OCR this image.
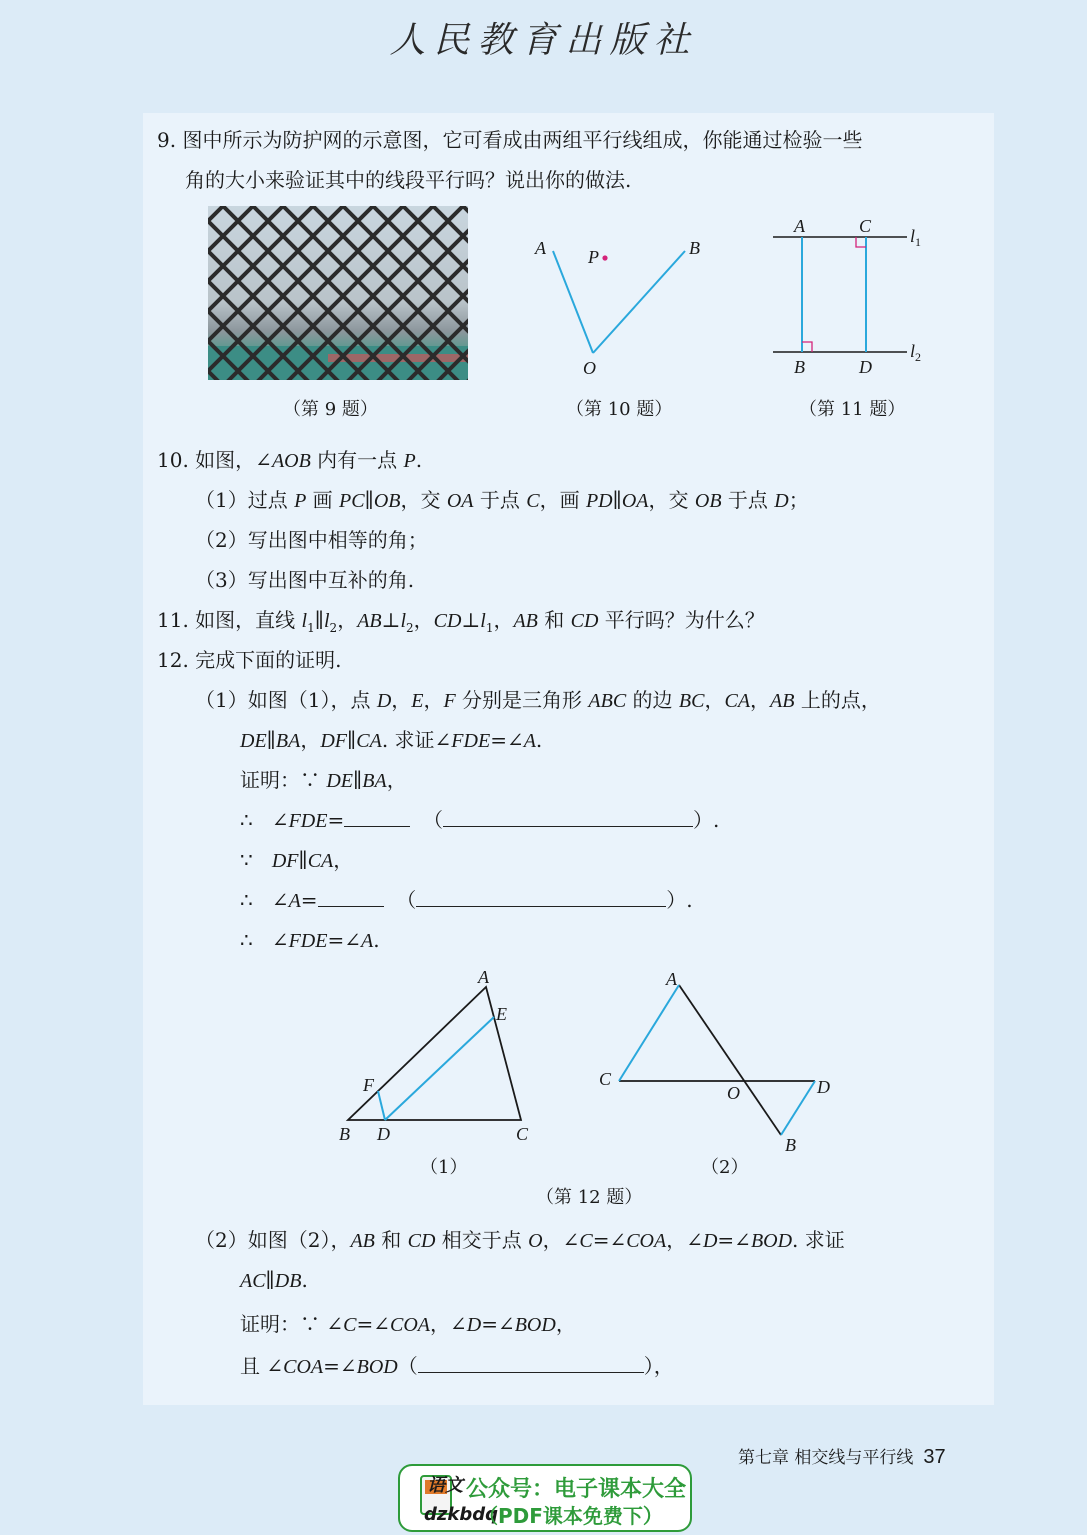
人民教育出版社
9. 图中所示为防护网的示意图，它可看成由两组平行线组成，你能通过检验一些
角的大小来验证其中的线段平行吗？说出你的做法.
（第 9 题）
A P	B
O
（第 10 题）
A	C
B	D
$l_1$
$l_2$
（第 11 题）
10. 如图，∠AOB 内有一点 P.
（1）过点 P 画 PC∥OB，交 OA 于点 C，画 PD∥OA，交 OB 于点 D；
（2）写出图中相等的角；
（3）写出图中互补的角.
11. 如图，直线 $l_1\parallel l_2$，$AB\perp l_2$，$CD\perp l_1$，AB 和 CD 平行吗？为什么？
12. 完成下面的证明.
（1）如图（1），点 D，E，F 分别是三角形 ABC 的边 BC，CA，AB 上的点，
DE∥BA，DF∥CA. 求证∠FDE=∠A.
证明：∵ DE∥BA，
∴ ∠FDE=	（	）.
∵ DF∥CA，
∴ ∠A=	（	）.
∴ ∠FDE=∠A.
A
E
F
B D	C
（1）
A
C
O	D
B
（2）
（第 12 题）
（2）如图（2），AB 和 CD 相交于点 O，∠C=∠COA，∠D=∠BOD. 求证
AC∥DB.
证明：∵ ∠C=∠COA，∠D=∠BOD，
且 ∠COA=∠BOD（	），
第七章 相交线与平行线 37
语文
dzkbdq
公众号：电子课本大全
（PDF课本免费下）
